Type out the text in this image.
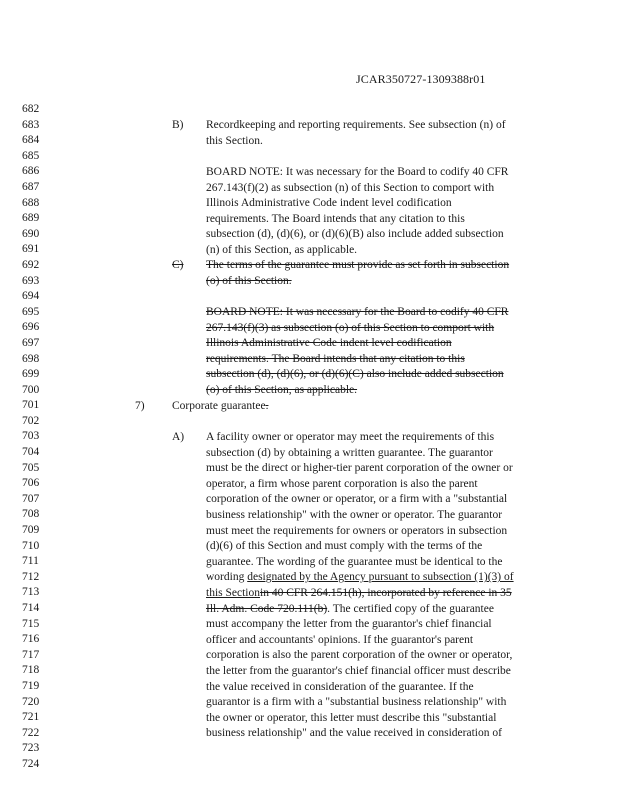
JCAR350727-1309388r01
682
683
684
685
686
687
688
689
690
691
692
693
694
695
696
697
698
699
700
701
702
703
704
705
706
707
708
709
710
711
712
713
714
715
716
717
718
719
720
721
722
723
724
B) Recordkeeping and reporting requirements. See subsection (n) of
this Section.
BOARD NOTE: It was necessary for the Board to codify 40 CFR
267.143(f)(2) as subsection (n) of this Section to comport with
Illinois Administrative Code indent level codification
requirements. The Board intends that any citation to this
subsection (d), (d)(6), or (d)(6)(B) also include added subsection
(n) of this Section, as applicable.
C) The terms of the guarantee must provide as set forth in subsection
(o) of this Section.
BOARD NOTE: It was necessary for the Board to codify 40 CFR
267.143(f)(3) as subsection (o) of this Section to comport with
Illinois Administrative Code indent level codification
requirements. The Board intends that any citation to this
subsection (d), (d)(6), or (d)(6)(C) also include added subsection
(o) of this Section, as applicable.
7) Corporate guarantee.
A) A facility owner or operator may meet the requirements of this
subsection (d) by obtaining a written guarantee. The guarantor
must be the direct or higher-tier parent corporation of the owner or
operator, a firm whose parent corporation is also the parent
corporation of the owner or operator, or a firm with a "substantial
business relationship" with the owner or operator. The guarantor
must meet the requirements for owners or operators in subsection
(d)(6) of this Section and must comply with the terms of the
guarantee. The wording of the guarantee must be identical to the
wording designated by the Agency pursuant to subsection (1)(3) of
this Sectionin 40 CFR 264.151(h), incorporated by reference in 35
Ill. Adm. Code 720.111(b). The certified copy of the guarantee
must accompany the letter from the guarantor's chief financial
officer and accountants' opinions. If the guarantor's parent
corporation is also the parent corporation of the owner or operator,
the letter from the guarantor's chief financial officer must describe
the value received in consideration of the guarantee. If the
guarantor is a firm with a "substantial business relationship" with
the owner or operator, this letter must describe this "substantial
business relationship" and the value received in consideration of
